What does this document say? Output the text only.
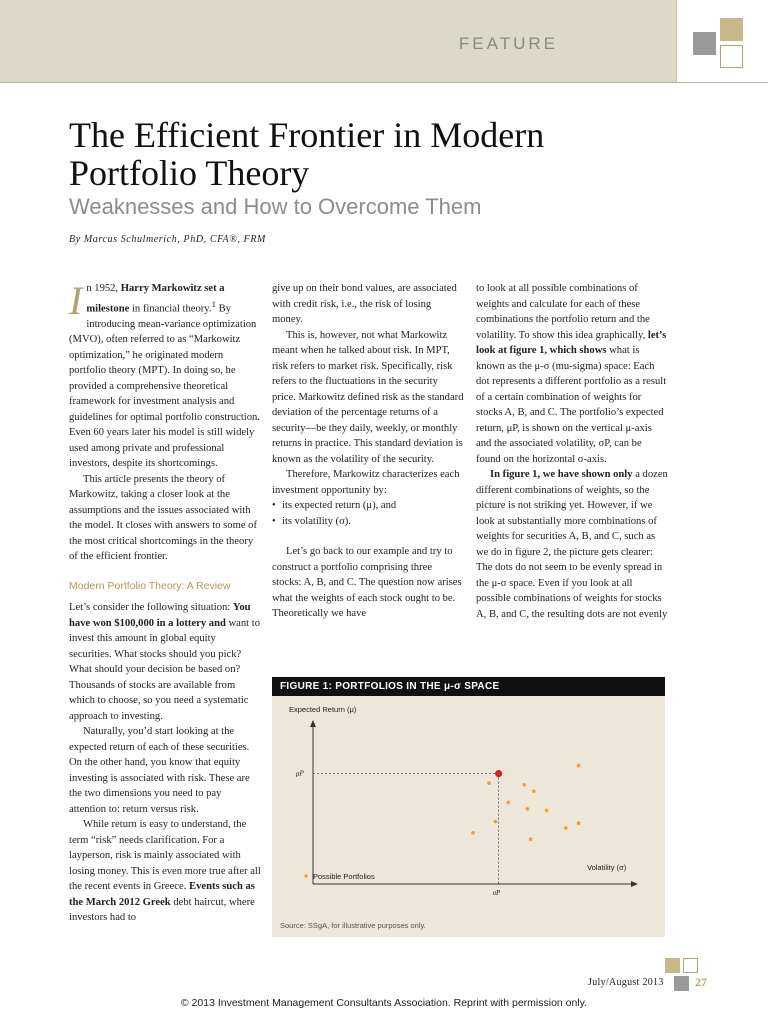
FEATURE
The Efficient Frontier in Modern Portfolio Theory
Weaknesses and How to Overcome Them
By Marcus Schulmerich, PhD, CFA®, FRM

In 1952, Harry Markowitz set a milestone in financial theory.$^1$ By introducing mean-variance optimization (MVO), often referred to as “Markowitz optimization,” he originated modern portfolio theory (MPT). In doing so, he provided a comprehensive theoretical framework for investment analysis and guidelines for optimal portfolio construction. Even 60 years later his model is still widely used among private and professional investors, despite its shortcomings.

This article presents the theory of Markowitz, taking a closer look at the assumptions and the issues associated with the model. It closes with answers to some of the most critical shortcomings in the theory of the efficient frontier.

Modern Portfolio Theory: A Review

Let’s consider the following situation: You have won $100,000 in a lottery and want to invest this amount in global equity securities. What stocks should you pick? What should your decision be based on? Thousands of stocks are available from which to choose, so you need a systematic approach to investing.

Naturally, you’d start looking at the expected return of each of these securities. On the other hand, you know that equity investing is associated with risk. These are the two dimensions you need to pay attention to: return versus risk.

While return is easy to understand, the term “risk” needs clarification. For a layperson, risk is mainly associated with losing money. This is even more true after all the recent events in Greece. Events such as the March 2012 Greek debt haircut, where investors had to

give up on their bond values, are associated with credit risk, i.e., the risk of losing money.

This is, however, not what Markowitz meant when he talked about risk. In MPT, risk refers to market risk. Specifically, risk refers to the fluctuations in the security price. Markowitz defined risk as the standard deviation of the percentage returns of a security—be they daily, weekly, or monthly returns in practice. This standard deviation is known as the volatility of the security.

Therefore, Markowitz characterizes each investment opportunity by:

• its expected return (μ), and
• its volatility (σ).

Let’s go back to our example and try to construct a portfolio comprising three stocks: A, B, and C. The question now arises what the weights of each stock ought to be. Theoretically we have

to look at all possible combinations of weights and calculate for each of these combinations the portfolio return and the volatility. To show this idea graphically, let’s look at figure 1, which shows what is known as the μ-σ (mu-sigma) space: Each dot represents a different portfolio as a result of a certain combination of weights for stocks A, B, and C. The portfolio’s expected return, μP, is shown on the vertical μ-axis and the associated volatility, σP, can be found on the horizontal σ-axis.

In figure 1, we have shown only a dozen different combinations of weights, so the picture is not striking yet. However, if we look at substantially more combinations of weights for securities A, B, and C, such as we do in figure 2, the picture gets clearer: The dots do not seem to be evenly spread in the μ-σ space. Even if you look at all possible combinations of weights for stocks A, B, and C, the resulting dots are not evenly

FIGURE 1: PORTFOLIOS IN THE μ-σ SPACE
Expected Return (μ)
Volatility (σ)
μP
σP
Possible Portfolios
Source: SSgA, for illustrative purposes only.
July/August 2013	27
© 2013 Investment Management Consultants Association. Reprint with permission only.
